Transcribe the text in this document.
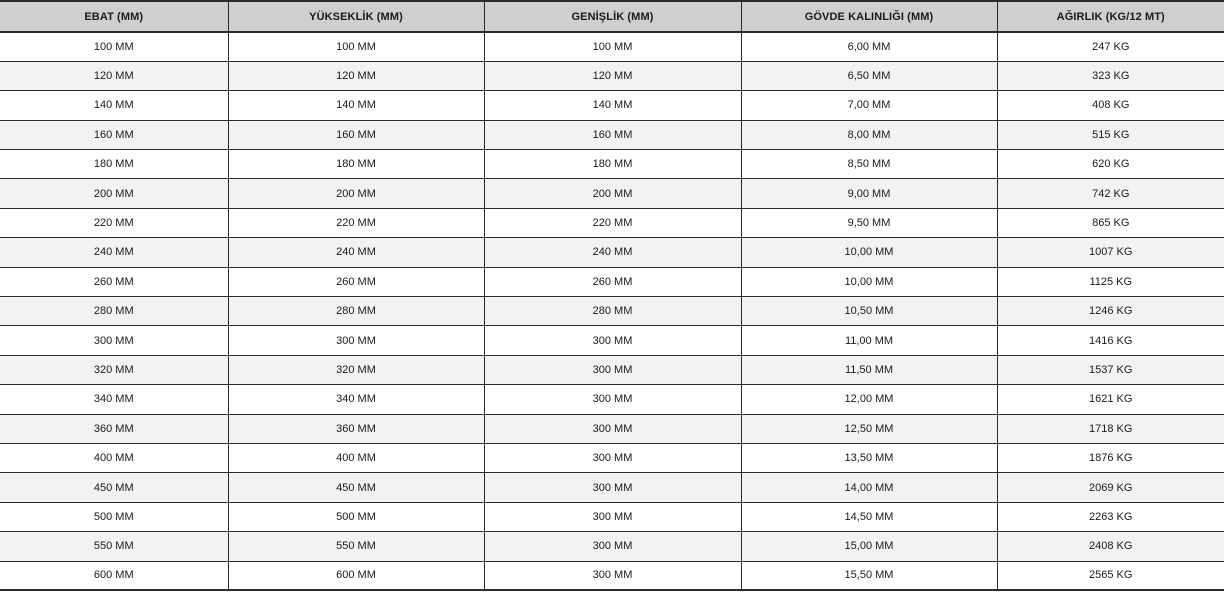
EBAT (MM)	YÜKSEKLİK (MM)	GENİŞLİK (MM)	GÖVDE KALINLIĞI (MM)	AĞIRLIK (KG/12 MT)
100 MM	100 MM	100 MM	6,00 MM	247 KG
120 MM	120 MM	120 MM	6,50 MM	323 KG
140 MM	140 MM	140 MM	7,00 MM	408 KG
160 MM	160 MM	160 MM	8,00 MM	515 KG
180 MM	180 MM	180 MM	8,50 MM	620 KG
200 MM	200 MM	200 MM	9,00 MM	742 KG
220 MM	220 MM	220 MM	9,50 MM	865 KG
240 MM	240 MM	240 MM	10,00 MM	1007 KG
260 MM	260 MM	260 MM	10,00 MM	1125 KG
280 MM	280 MM	280 MM	10,50 MM	1246 KG
300 MM	300 MM	300 MM	11,00 MM	1416 KG
320 MM	320 MM	300 MM	11,50 MM	1537 KG
340 MM	340 MM	300 MM	12,00 MM	1621 KG
360 MM	360 MM	300 MM	12,50 MM	1718 KG
400 MM	400 MM	300 MM	13,50 MM	1876 KG
450 MM	450 MM	300 MM	14,00 MM	2069 KG
500 MM	500 MM	300 MM	14,50 MM	2263 KG
550 MM	550 MM	300 MM	15,00 MM	2408 KG
600 MM	600 MM	300 MM	15,50 MM	2565 KG
